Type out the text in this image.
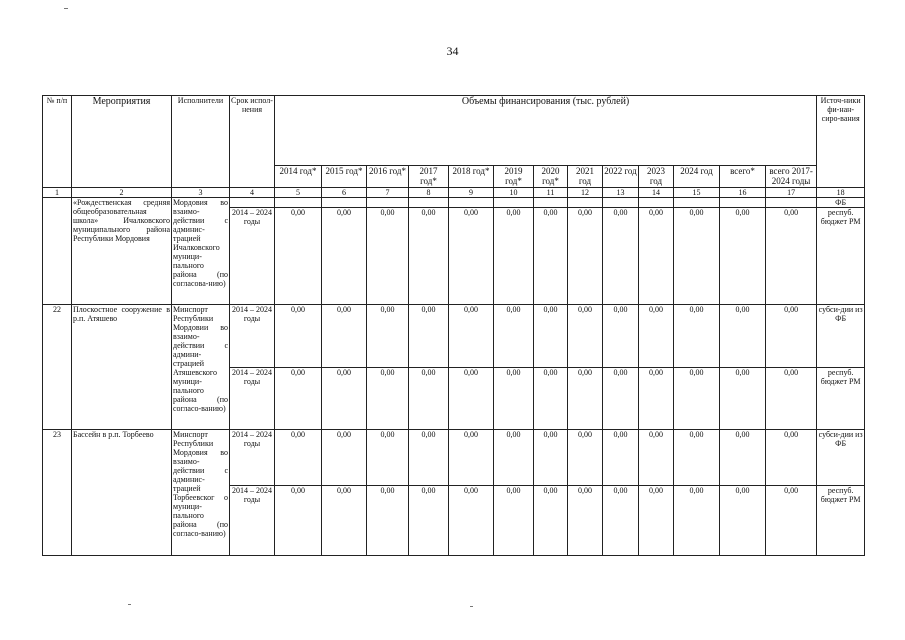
34
№ п/п	Мероприятия	Исполнители	Срок испол-нения	Объемы финансирования (тыс. рублей)													Источ-ники фи-нан-сиро-вания
				2014 год*	2015 год*	2016 год*	2017 год*	2018 год*	2019 год*	2020 год*	2021 год	2022 год	2023 год	2024 год	всего*	всего 2017-2024 годы	
1	2	3	4	5	6	7	8	9	10	11	12	13	14	15	16	17	18
	«Рождественская средняя общеобразовательная школа» Ичалковского муниципального района Республики Мордовия	Мордовия во взаимо-действии с админис-трацией Ичалковского муници-пального района (по согласова-нию)															ФБ
			2014 – 2024 годы	0,00	0,00	0,00	0,00	0,00	0,00	0,00	0,00	0,00	0,00	0,00	0,00	0,00	респуб. бюджет РМ
22	Плоскостное сооружение в р.п. Атяшево	Минспорт Республики Мордовии во взаимо-действии с админи-страцией Атяшевского муници-пального района (по согласо-ванию)	2014 – 2024 годы	0,00	0,00	0,00	0,00	0,00	0,00	0,00	0,00	0,00	0,00	0,00	0,00	0,00	субси-дии из ФБ
			2014 – 2024 годы	0,00	0,00	0,00	0,00	0,00	0,00	0,00	0,00	0,00	0,00	0,00	0,00	0,00	респуб. бюджет РМ
23	Бассейн в р.п. Торбеево	Минспорт Республики Мордовия во взаимо-действии с админис-трацией Торбеевског о муници-пального района (по согласо-ванию)	2014 – 2024 годы	0,00	0,00	0,00	0,00	0,00	0,00	0,00	0,00	0,00	0,00	0,00	0,00	0,00	субси-дии из ФБ
			2014 – 2024 годы	0,00	0,00	0,00	0,00	0,00	0,00	0,00	0,00	0,00	0,00	0,00	0,00	0,00	респуб. бюджет РМ
